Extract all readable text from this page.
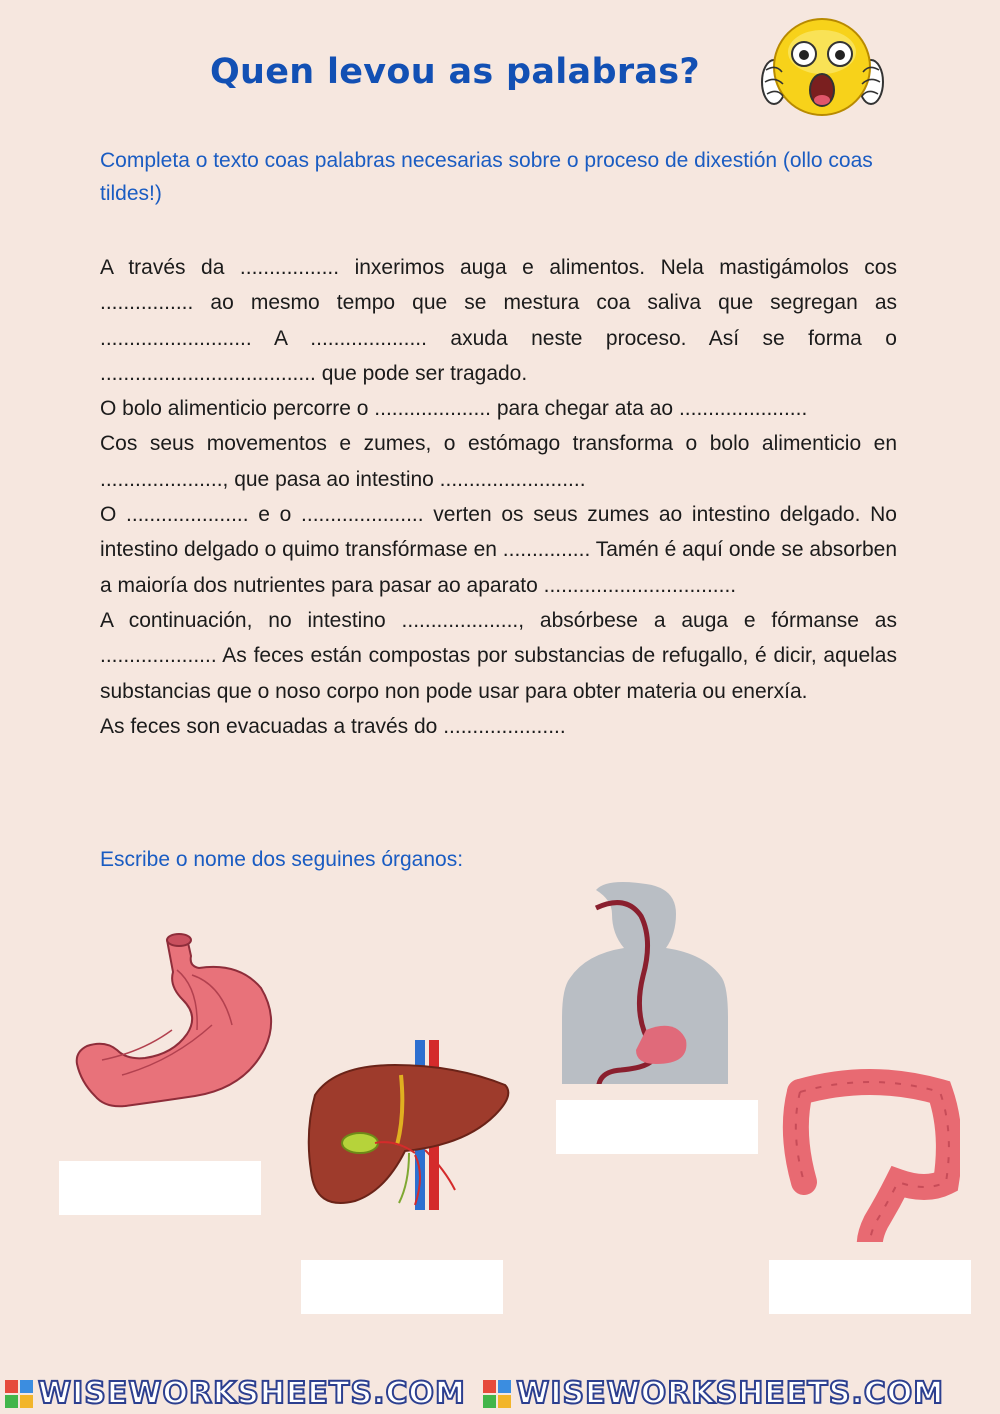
Quen levou as palabras?
Completa o texto coas palabras necesarias sobre o proceso de dixestión (ollo coas tildes!)

A través da ................. inxerimos auga e alimentos. Nela mastigámolos cos ................ ao mesmo tempo que se mestura coa saliva que segregan as .......................... A .................... axuda neste proceso. Así se forma o ..................................... que pode ser tragado.

O bolo alimenticio percorre o .................... para chegar ata ao ......................

Cos seus movementos e zumes, o estómago transforma o bolo alimenticio en ....................., que pasa ao intestino .........................

O ..................... e o ..................... verten os seus zumes ao intestino delgado. No intestino delgado o quimo transfórmase en ............... Tamén é aquí onde se absorben a maioría dos nutrientes para pasar ao aparato .................................

A continuación, no intestino ...................., absórbese a auga e fórmanse as .................... As feces están compostas por substancias de refugallo, é dicir, aquelas substancias que o noso corpo non pode usar para obter materia ou enerxía.

As feces son evacuadas a través do .....................

Escribe o nome dos seguines órganos:
WISEWORKSHEETS.COM WISEWORKSHEETS.COM
